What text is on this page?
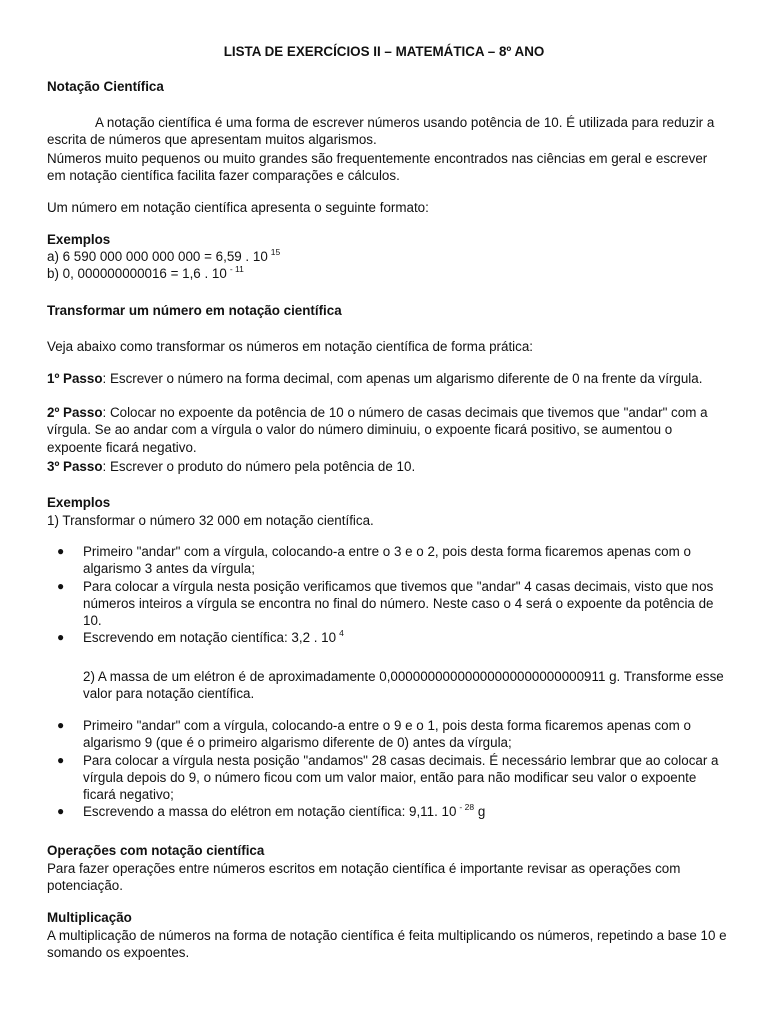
LISTA DE EXERCÍCIOS II – MATEMÁTICA – 8º ANO

Notação Científica

A notação científica é uma forma de escrever números usando potência de 10. É utilizada para reduzir a escrita de números que apresentam muitos algarismos.

Números muito pequenos ou muito grandes são frequentemente encontrados nas ciências em geral e escrever em notação científica facilita fazer comparações e cálculos.

Um número em notação científica apresenta o seguinte formato:

Exemplos

a) 6 590 000 000 000 000 = 6,59 . 10 $^{15}$

b) 0, 000000000016 = 1,6 . 10 $^{- 11}$

Transformar um número em notação científica

Veja abaixo como transformar os números em notação científica de forma prática:

1º Passo: Escrever o número na forma decimal, com apenas um algarismo diferente de 0 na frente da vírgula.

2º Passo: Colocar no expoente da potência de 10 o número de casas decimais que tivemos que "andar" com a vírgula. Se ao andar com a vírgula o valor do número diminuiu, o expoente ficará positivo, se aumentou o expoente ficará negativo.

3º Passo: Escrever o produto do número pela potência de 10.

Exemplos

1) Transformar o número 32 000 em notação científica.

● Primeiro "andar" com a vírgula, colocando-a entre o 3 e o 2, pois desta forma ficaremos apenas com o algarismo 3 antes da vírgula;
● Para colocar a vírgula nesta posição verificamos que tivemos que "andar" 4 casas decimais, visto que nos números inteiros a vírgula se encontra no final do número. Neste caso o 4 será o expoente da potência de 10.
● Escrevendo em notação científica: 3,2 . 10 $^4$

2) A massa de um elétron é de aproximadamente 0,00000000000000000000000000911 g. Transforme esse valor para notação científica.

● Primeiro "andar" com a vírgula, colocando-a entre o 9 e o 1, pois desta forma ficaremos apenas com o algarismo 9 (que é o primeiro algarismo diferente de 0) antes da vírgula;
● Para colocar a vírgula nesta posição "andamos" 28 casas decimais. É necessário lembrar que ao colocar a vírgula depois do 9, o número ficou com um valor maior, então para não modificar seu valor o expoente ficará negativo;
● Escrevendo a massa do elétron em notação científica: 9,11. 10 $^{- 28}$ g

Operações com notação científica

Para fazer operações entre números escritos em notação científica é importante revisar as operações com potenciação.

Multiplicação

A multiplicação de números na forma de notação científica é feita multiplicando os números, repetindo a base 10 e somando os expoentes.
